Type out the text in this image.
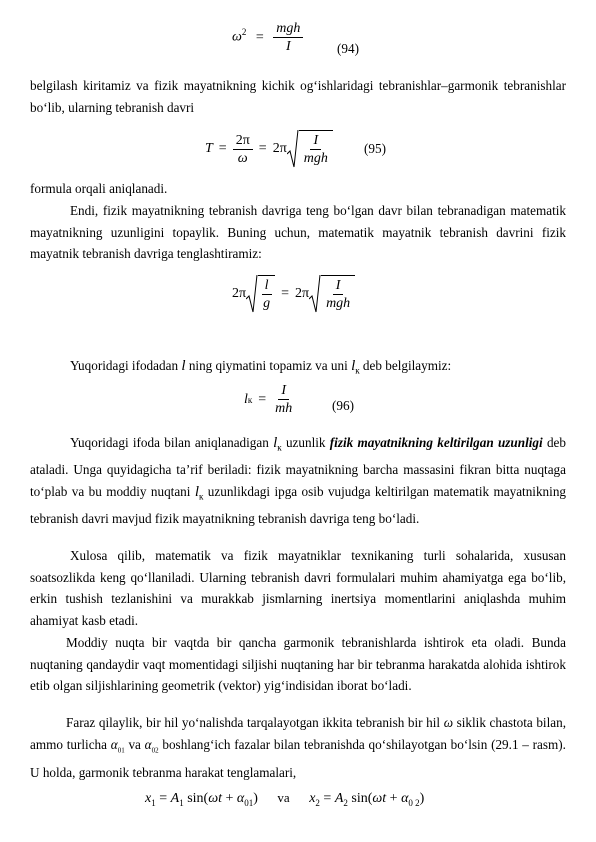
$\omega^2 = \frac{\text{mgh}}{I}$	(94)

belgilash kiritamiz va fizik mayatnikning kichik og‘ishlaridagi tebranishlar–garmonik tebranishlar bo‘lib, ularning tebranish davri

$T = \frac{2\pi}{\omega} = 2\pi \frac{I}{\text{mgh}}$	(95)

formula orqali aniqlanadi.

Endi, fizik mayatnikning tebranish davriga teng bo‘lgan davr bilan tebranadigan matematik mayatnikning uzunligini topaylik. Buning uchun, matematik mayatnik tebranish davrini fizik mayatnik tebranish davriga tenglashtiramiz:

$2\pi \frac{l}{g} = 2\pi \frac{I}{\text{mgh}}$

Yuqoridagi ifodadan l ning qiymatini topamiz va uni $l_к$ deb belgilaymiz:

l $к = \frac{I}{mh}$	(96)

Yuqoridagi ifoda bilan aniqlanadigan $l_к$ uzunlik fizik mayatnikning keltirilgan uzunligi deb ataladi. Unga quyidagicha ta’rif beriladi: fizik mayatnikning barcha massasini fikran bitta nuqtaga to‘plab va bu moddiy nuqtani $l_к$ uzunlikdagi ipga osib vujudga keltirilgan matematik mayatnikning tebranish davri mavjud fizik mayatnikning tebranish davriga teng bo‘ladi.

Xulosa qilib, matematik va fizik mayatniklar texnikaning turli sohalarida, xususan soatsozlikda keng qo‘llaniladi. Ularning tebranish davri formulalari muhim ahamiyatga ega bo‘lib, erkin tushish tezlanishini va murakkab jismlarning inertsiya momentlarini aniqlashda muhim ahamiyat kasb etadi.

Moddiy nuqta bir vaqtda bir qancha garmonik tebranishlarda ishtirok eta oladi. Bunda nuqtaning qandaydir vaqt momentidagi siljishi nuqtaning har bir tebranma harakatda alohida ishtirok etib olgan siljishlarining geometrik (vektor) yig‘indisidan iborat bo‘ladi.

Faraz qilaylik, bir hil yo‘nalishda tarqalayotgan ikkita tebranish bir hil ω siklik chastota bilan, ammo turlicha $\alpha_{01}$ va $\alpha_{02}$ boshlang‘ich fazalar bilan tebranishda qo‘shilayotgan bo‘lsin (29.1 – rasm). U holda, garmonik tebranma harakat tenglamalari,

$x_1 = A_1$ $\sin(\omega t + \alpha_{01})$ va $x_2 = A_2$ $\sin(\omega t + \alpha_{0 2})$
